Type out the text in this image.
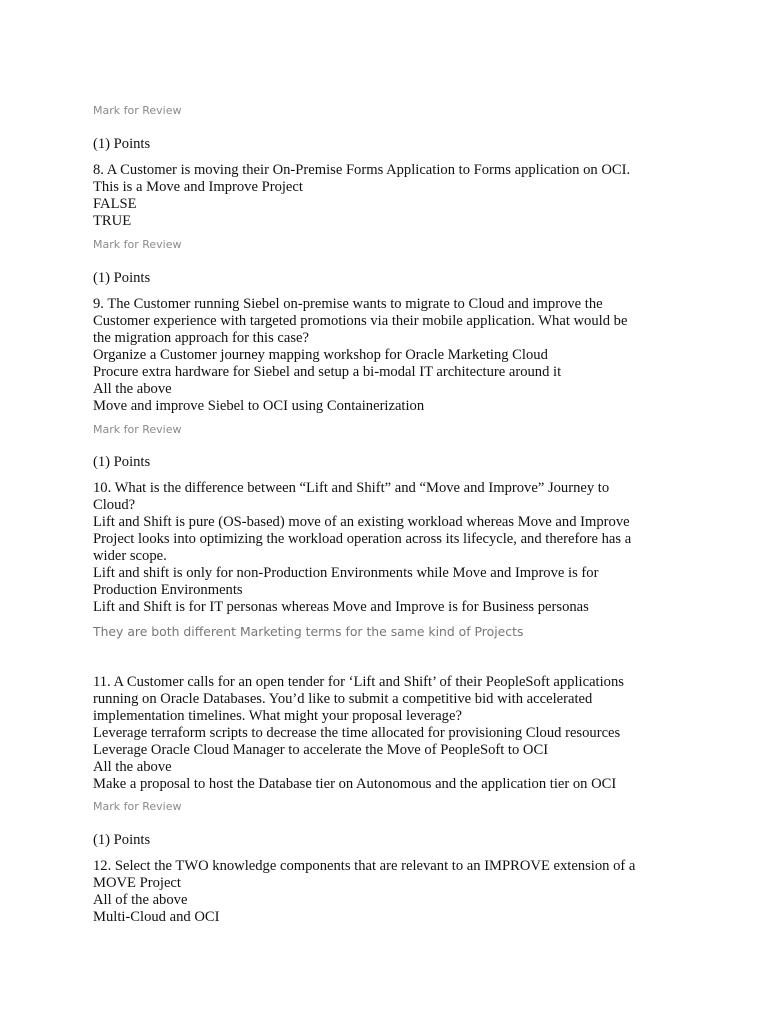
Mark for Review
(1) Points
8. A Customer is moving their On-Premise Forms Application to Forms application on OCI.
This is a Move and Improve Project
FALSE
TRUE
Mark for Review
(1) Points
9. The Customer running Siebel on-premise wants to migrate to Cloud and improve the
Customer experience with targeted promotions via their mobile application. What would be
the migration approach for this case?
Organize a Customer journey mapping workshop for Oracle Marketing Cloud
Procure extra hardware for Siebel and setup a bi-modal IT architecture around it
All the above
Move and improve Siebel to OCI using Containerization
Mark for Review
(1) Points
10. What is the difference between “Lift and Shift” and “Move and Improve” Journey to
Cloud?
Lift and Shift is pure (OS-based) move of an existing workload whereas Move and Improve
Project looks into optimizing the workload operation across its lifecycle, and therefore has a
wider scope.
Lift and shift is only for non-Production Environments while Move and Improve is for
Production Environments
Lift and Shift is for IT personas whereas Move and Improve is for Business personas
They are both different Marketing terms for the same kind of Projects
11. A Customer calls for an open tender for ‘Lift and Shift’ of their PeopleSoft applications
running on Oracle Databases. You’d like to submit a competitive bid with accelerated
implementation timelines. What might your proposal leverage?
Leverage terraform scripts to decrease the time allocated for provisioning Cloud resources
Leverage Oracle Cloud Manager to accelerate the Move of PeopleSoft to OCI
All the above
Make a proposal to host the Database tier on Autonomous and the application tier on OCI
Mark for Review
(1) Points
12. Select the TWO knowledge components that are relevant to an IMPROVE extension of a
MOVE Project
All of the above
Multi-Cloud and OCI
